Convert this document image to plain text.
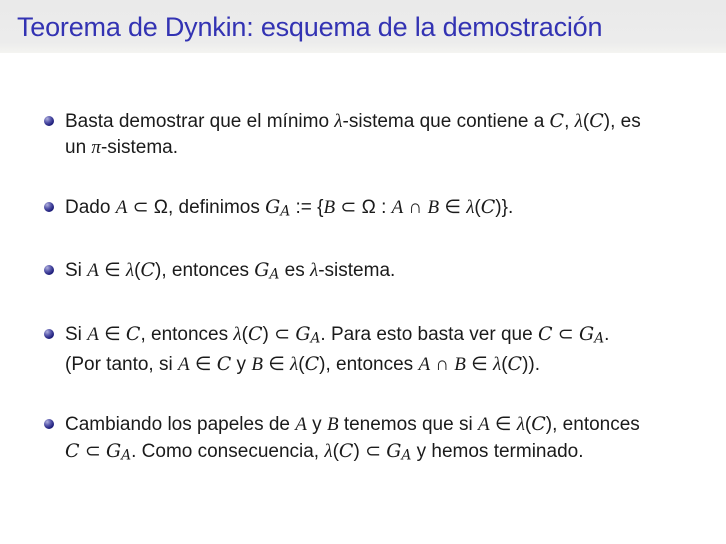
Teorema de Dynkin: esquema de la demostración
Basta demostrar que el mínimo λ-sistema que contiene a C, λ(C), es
un π-sistema.
Dado A ⊂ Ω, definimos GA := {B ⊂ Ω : A ∩ B ∈ λ(C)}.
Si A ∈ λ(C), entonces GA es λ-sistema.
Si A ∈ C, entonces λ(C) ⊂ GA. Para esto basta ver que C ⊂ GA.
(Por tanto, si A ∈ C y B ∈ λ(C), entonces A ∩ B ∈ λ(C)).
Cambiando los papeles de A y B tenemos que si A ∈ λ(C), entonces
C ⊂ GA. Como consecuencia, λ(C) ⊂ GA y hemos terminado.
